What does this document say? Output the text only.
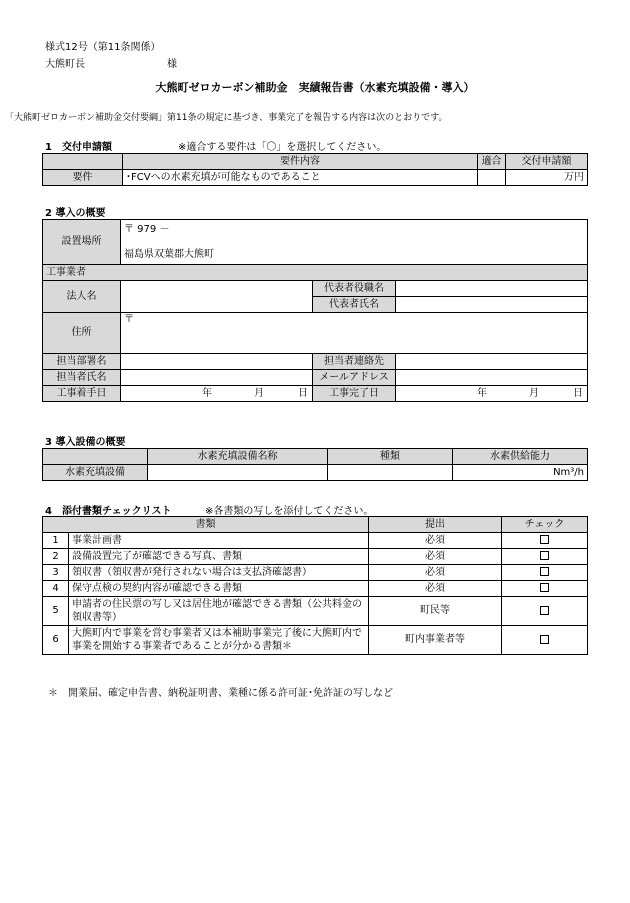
様式12号（第11条関係）
大熊町長	様
大熊町ゼロカーボン補助金　実績報告書（水素充填設備・導入）
「大熊町ゼロカーボン補助金交付要綱」第11条の規定に基づき、事業完了を報告する内容は次のとおりです。
1　交付申請額	※適合する要件は「〇」を選択してください。
	要件内容	適合	交付申請額
要件	･FCVへの水素充填が可能なものであること		万円
2 導入の概要
設置場所	〒 979 －
福島県双葉郡大熊町		

工事業者			
法人名		代表者役職名	
		代表者氏名	
住所	〒		
担当部署名		担当者連絡先	
担当者氏名		メールアドレス	
工事着手日	年 月 日	工事完了日	年 月 日
3 導入設備の概要
	水素充填設備名称	種類	水素供給能力
水素充填設備			Nm³/h
4　添付書類チェックリスト	※各書類の写しを添付してください。
書類		提出	チェック
1	事業計画書	必須	
2	設備設置完了が確認できる写真、書類	必須	
3	領収書（領収書が発行されない場合は支払済確認書）	必須	
4	保守点検の契約内容が確認できる書類	必須	
5	申請者の住民票の写し又は居住地が確認できる書類（公共料金の領収書等）	町民等	
6	大熊町内で事業を営む事業者又は本補助事業完了後に大熊町内で事業を開始する事業者であることが分かる書類＊	町内事業者等	
＊　開業届、確定申告書、納税証明書、業種に係る許可証･免許証の写しなど
